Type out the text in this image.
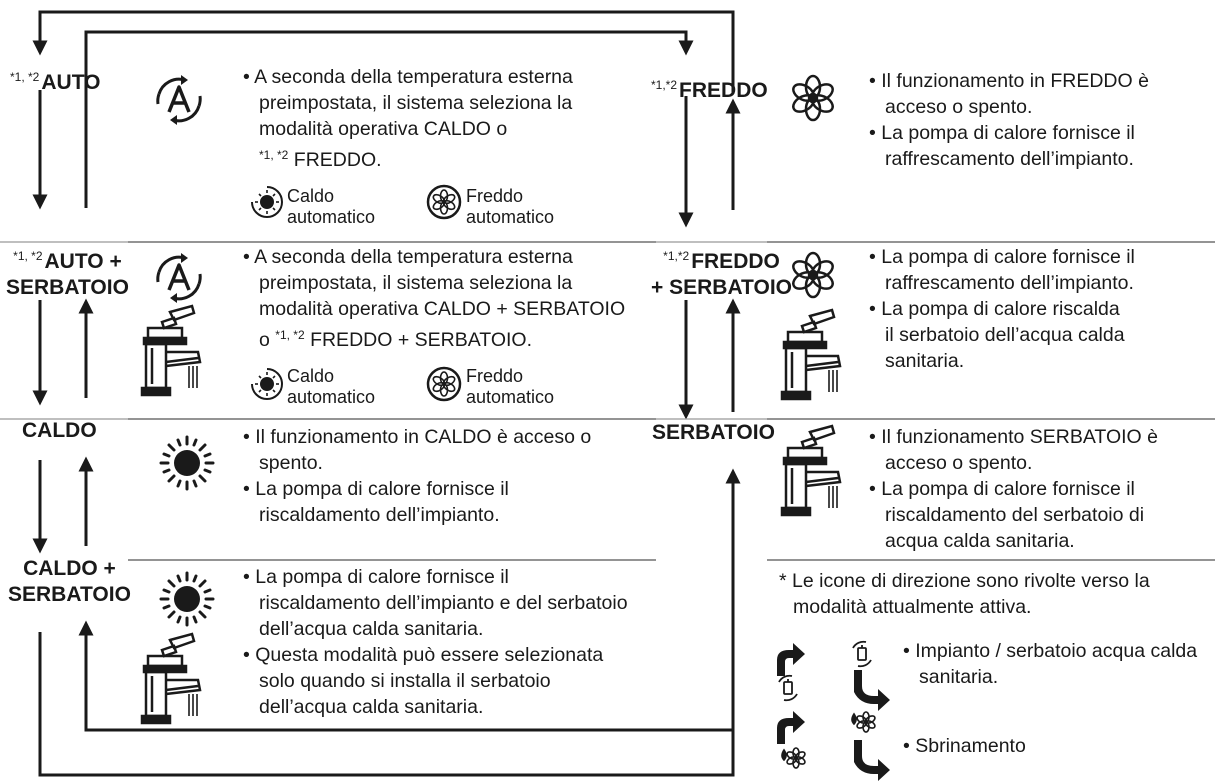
$^{*1, *2}$AUTO
$^{*1, *2}$AUTO +
SERBATOIO
CALDO
CALDO +
SERBATOIO
$^{*1,*2}$FREDDO
$^{*1,*2}$FREDDO
+ SERBATOIO
SERBATOIO

• A seconda della temperatura esterna
preimpostata, il sistema seleziona la
modalità operativa CALDO o
$^{*1, *2}$ FREDDO.

Caldo
automatico
Freddo
automatico

• A seconda della temperatura esterna
preimpostata, il sistema seleziona la
modalità operativa CALDO + SERBATOIO
o $^{*1, *2}$ FREDDO + SERBATOIO.

Caldo
automatico
Freddo
automatico

• Il funzionamento in CALDO è acceso o
spento.

• La pompa di calore fornisce il
riscaldamento dell’impianto.

• La pompa di calore fornisce il
riscaldamento dell’impianto e del serbatoio
dell’acqua calda sanitaria.

• Questa modalità può essere selezionata
solo quando si installa il serbatoio
dell’acqua calda sanitaria.

• Il funzionamento in FREDDO è
acceso o spento.

• La pompa di calore fornisce il
raffrescamento dell’impianto.

• La pompa di calore fornisce il
raffrescamento dell’impianto.

• La pompa di calore riscalda
il serbatoio dell’acqua calda
sanitaria.

• Il funzionamento SERBATOIO è
acceso o spento.

• La pompa di calore fornisce il
riscaldamento del serbatoio di
acqua calda sanitaria.

* Le icone di direzione sono rivolte verso la
modalità attualmente attiva.
• Impianto / serbatoio acqua calda
sanitaria.
• Sbrinamento
